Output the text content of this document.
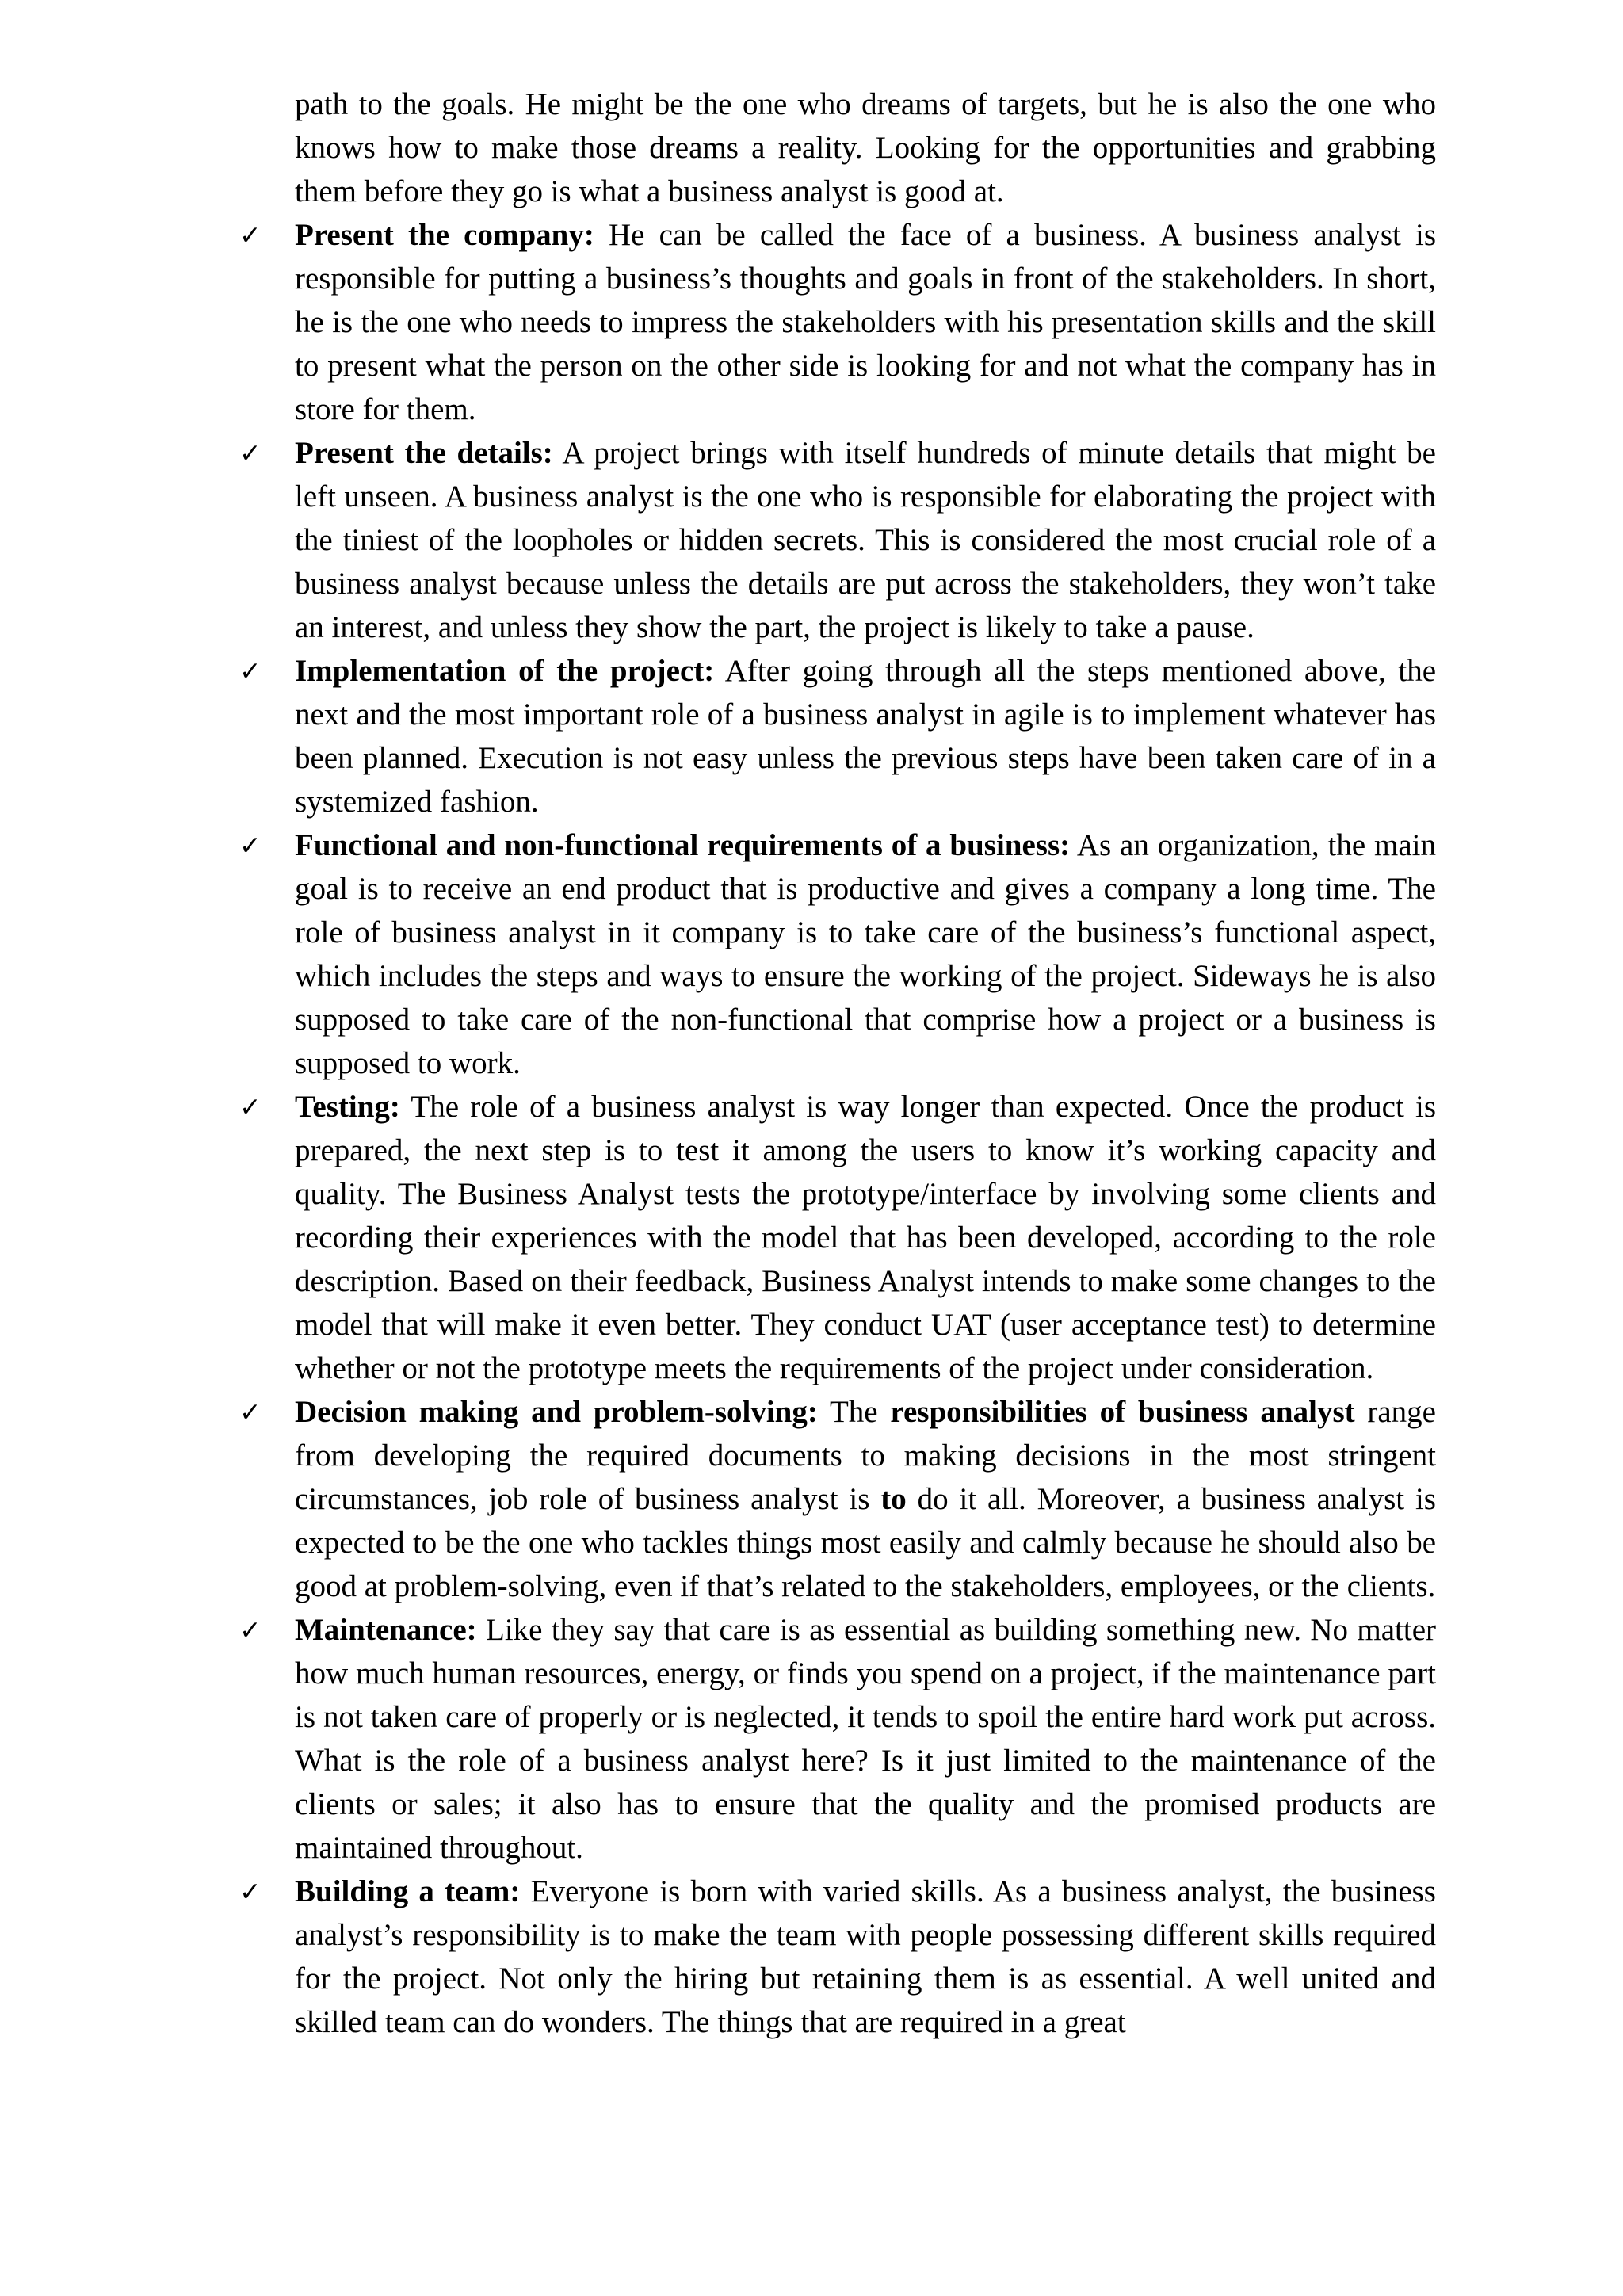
path to the goals. He might be the one who dreams of targets, but he is also the one who knows how to make those dreams a reality. Looking for the opportunities and grabbing them before they go is what a business analyst is good at.

✓ Present the company: He can be called the face of a business. A business analyst is responsible for putting a business’s thoughts and goals in front of the stakeholders. In short, he is the one who needs to impress the stakeholders with his presentation skills and the skill to present what the person on the other side is looking for and not what the company has in store for them.
✓ Present the details: A project brings with itself hundreds of minute details that might be left unseen. A business analyst is the one who is responsible for elaborating the project with the tiniest of the loopholes or hidden secrets. This is considered the most crucial role of a business analyst because unless the details are put across the stakeholders, they won’t take an interest, and unless they show the part, the project is likely to take a pause.
✓ Implementation of the project: After going through all the steps mentioned above, the next and the most important role of a business analyst in agile is to implement whatever has been planned. Execution is not easy unless the previous steps have been taken care of in a systemized fashion.
✓ Functional and non-functional requirements of a business: As an organization, the main goal is to receive an end product that is productive and gives a company a long time. The role of business analyst in it company is to take care of the business’s functional aspect, which includes the steps and ways to ensure the working of the project. Sideways he is also supposed to take care of the non-functional that comprise how a project or a business is supposed to work.
✓ Testing: The role of a business analyst is way longer than expected. Once the product is prepared, the next step is to test it among the users to know it’s working capacity and quality. The Business Analyst tests the prototype/interface by involving some clients and recording their experiences with the model that has been developed, according to the role description. Based on their feedback, Business Analyst intends to make some changes to the model that will make it even better. They conduct UAT (user acceptance test) to determine whether or not the prototype meets the requirements of the project under consideration.
✓ Decision making and problem-solving: The responsibilities of business analyst range from developing the required documents to making decisions in the most stringent circumstances, job role of business analyst is to do it all. Moreover, a business analyst is expected to be the one who tackles things most easily and calmly because he should also be good at problem-solving, even if that’s related to the stakeholders, employees, or the clients.
✓ Maintenance: Like they say that care is as essential as building something new. No matter how much human resources, energy, or finds you spend on a project, if the maintenance part is not taken care of properly or is neglected, it tends to spoil the entire hard work put across. What is the role of a business analyst here? Is it just limited to the maintenance of the clients or sales; it also has to ensure that the quality and the promised products are maintained throughout.
✓ Building a team: Everyone is born with varied skills. As a business analyst, the business analyst’s responsibility is to make the team with people possessing different skills required for the project. Not only the hiring but retaining them is as essential. A well united and skilled team can do wonders. The things that are required in a great
